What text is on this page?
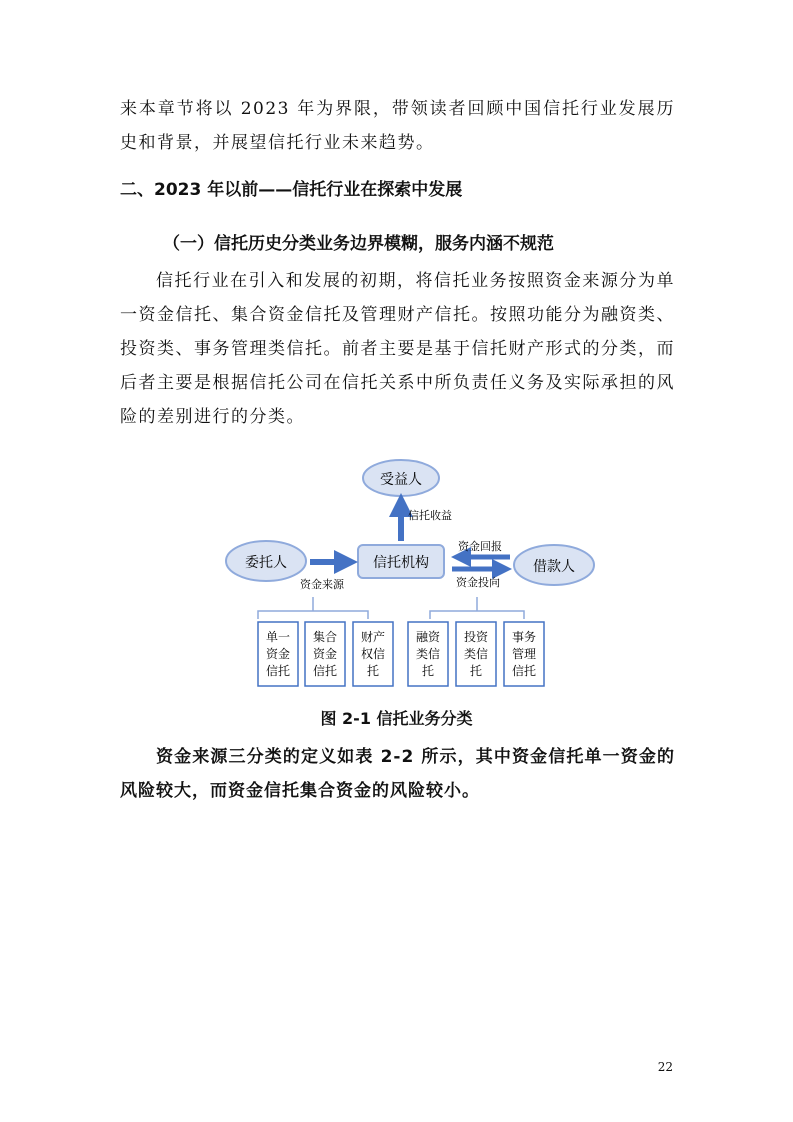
来本章节将以 2023 年为界限，带领读者回顾中国信托行业发展历史和背景，并展望信托行业未来趋势。

二、2023 年以前——信托行业在探索中发展

（一）信托历史分类业务边界模糊，服务内涵不规范

信托行业在引入和发展的初期，将信托业务按照资金来源分为单一资金信托、集合资金信托及管理财产信托。按照功能分为融资类、投资类、事务管理类信托。前者主要是基于信托财产形式的分类，而后者主要是根据信托公司在信托关系中所负责任义务及实际承担的风险的差别进行的分类。

受益人
委托人	信托机构	借款人
信托收益
资金来源
资金回报
资金投向
单一
资金
信托
集合
资金
信托
财产
权信
托
融资
类信
托
投资
类信
托
事务
管理
信托

图 2-1 信托业务分类

资金来源三分类的定义如表 2-2 所示，其中资金信托单一资金的风险较大，而资金信托集合资金的风险较小。

22
